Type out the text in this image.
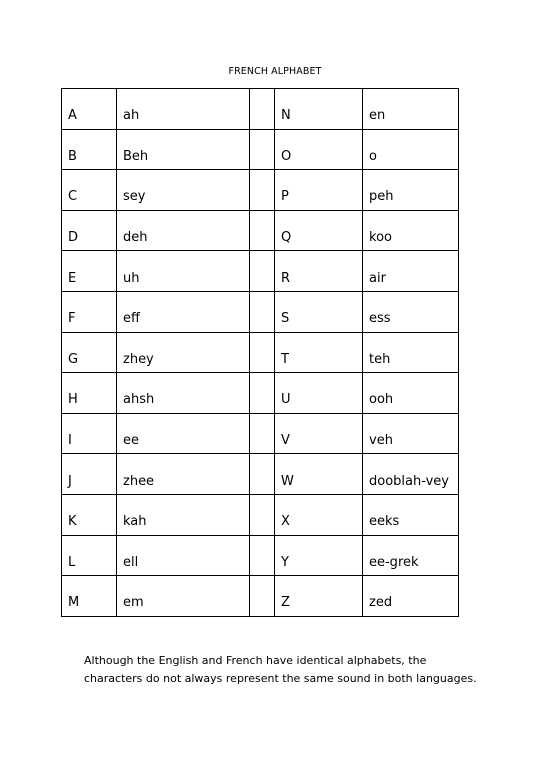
FRENCH ALPHABET
A	ah		N	en
B	Beh		O	o
C	sey		P	peh
D	deh		Q	koo
E	uh		R	air
F	eff		S	ess
G	zhey		T	teh
H	ahsh		U	ooh
I	ee		V	veh
J	zhee		W	dooblah-vey
K	kah		X	eeks
L	ell		Y	ee-grek
M	em		Z	zed

Although the English and French have identical alphabets, the

characters do not always represent the same sound in both languages.
